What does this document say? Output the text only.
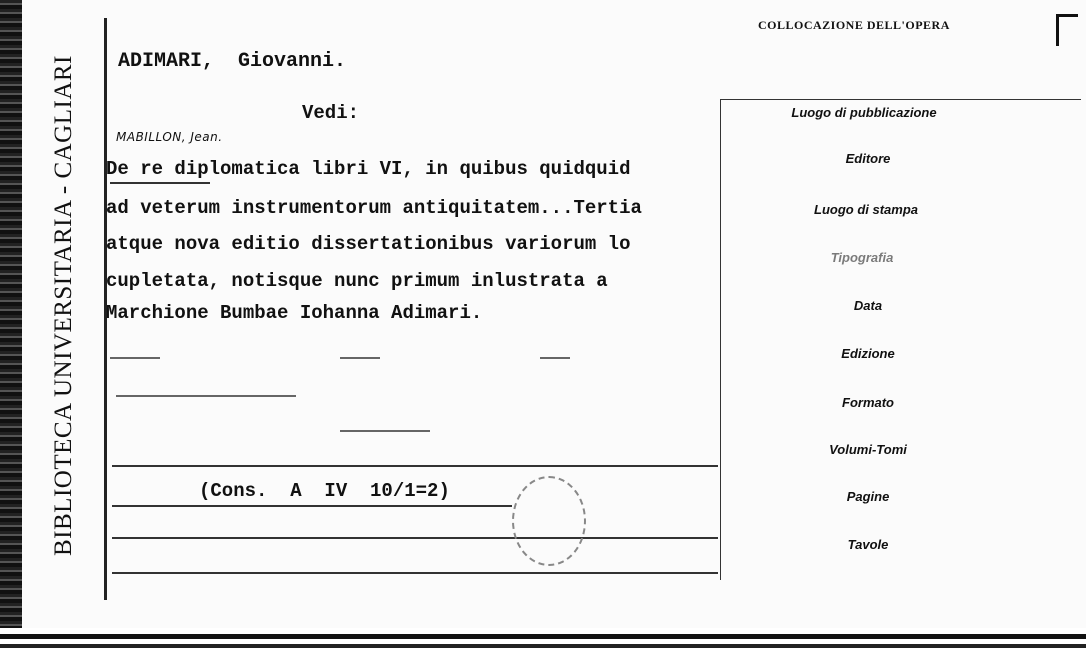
BIBLIOTECA UNIVERSITARIA - CAGLIARI
COLLOCAZIONE DELL'OPERA
ADIMARI,  Giovanni.
Vedi:
MABILLON, Jean.
De re diplomatica libri VI, in quibus quidquid
ad veterum instrumentorum antiquitatem...Tertia
atque nova editio dissertationibus variorum lo
cupletata, notisque nunc primum inlustrata a
Marchione Bumbae Iohanna Adimari.
(Cons.  A  IV  10/1=2)
Luogo di pubblicazione
Editore
Luogo di stampa
Tipografia
Data
Edizione
Formato
Volumi-Tomi
Pagine
Tavole
